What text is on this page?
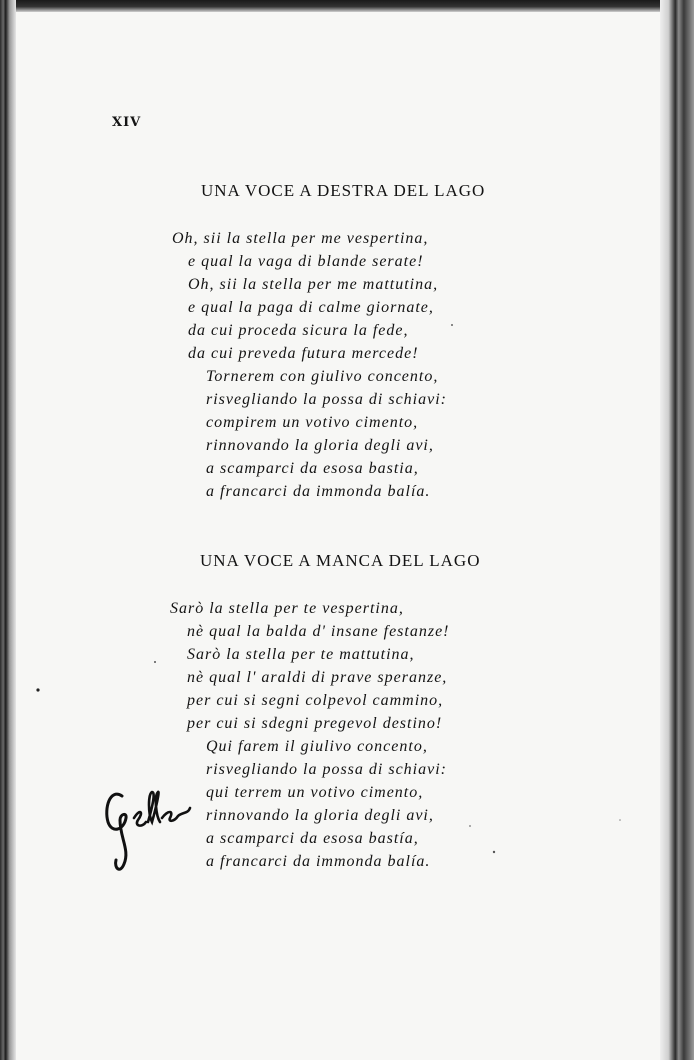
XIV
UNA VOCE A DESTRA DEL LAGO
Oh, sii la stella per me vespertina,
e qual la vaga di blande serate!
Oh, sii la stella per me mattutina,
e qual la paga di calme giornate,
da cui proceda sicura la fede,
da cui preveda futura mercede!
Tornerem con giulivo concento,
risvegliando la possa di schiavi:
compirem un votivo cimento,
rinnovando la gloria degli avi,
a scamparci da esosa bastia,
a francarci da immonda balía.
UNA VOCE A MANCA DEL LAGO
Sarò la stella per te vespertina,
nè qual la balda d' insane festanze!
Sarò la stella per te mattutina,
nè qual l' araldi di prave speranze,
per cui si segni colpevol cammino,
per cui si sdegni pregevol destino!
Qui farem il giulivo concento,
risvegliando la possa di schiavi:
qui terrem un votivo cimento,
rinnovando la gloria degli avi,
a scamparci da esosa bastía,
a francarci da immonda balía.
